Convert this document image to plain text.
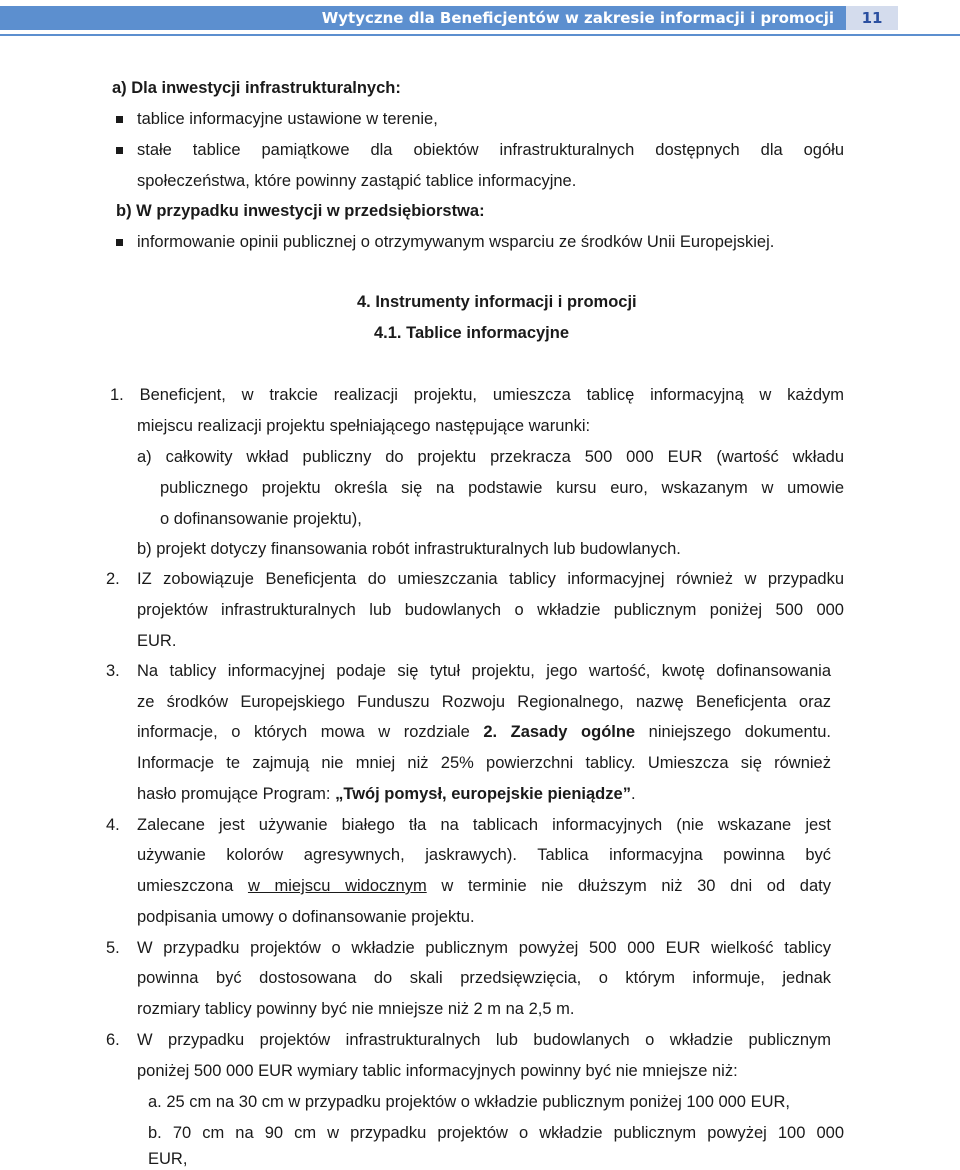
Wytyczne dla Beneficjentów w zakresie informacji i promocji	11
a) Dla inwestycji infrastrukturalnych:
tablice informacyjne ustawione w terenie,
stałe tablice pamiątkowe dla obiektów infrastrukturalnych dostępnych dla ogółu
społeczeństwa, które powinny zastąpić tablice informacyjne.
b) W przypadku inwestycji w przedsiębiorstwa:
informowanie opinii publicznej o otrzymywanym wsparciu ze środków Unii Europejskiej.
4. Instrumenty informacji i promocji
4.1. Tablice informacyjne
1. Beneficjent, w trakcie realizacji projektu, umieszcza tablicę informacyjną w każdym
miejscu realizacji projektu spełniającego następujące warunki:
a) całkowity wkład publiczny do projektu przekracza 500 000 EUR (wartość wkładu
publicznego projektu określa się na podstawie kursu euro, wskazanym w umowie
o dofinansowanie projektu),
b) projekt dotyczy finansowania robót infrastrukturalnych lub budowlanych.
2. IZ zobowiązuje Beneficjenta do umieszczania tablicy informacyjnej również w przypadku
projektów infrastrukturalnych lub budowlanych o wkładzie publicznym poniżej 500 000
EUR.
3. Na tablicy informacyjnej podaje się tytuł projektu, jego wartość, kwotę dofinansowania
ze środków Europejskiego Funduszu Rozwoju Regionalnego, nazwę Beneficjenta oraz
informacje, o których mowa w rozdziale 2. Zasady ogólne niniejszego dokumentu.
Informacje te zajmują nie mniej niż 25% powierzchni tablicy. Umieszcza się również
hasło promujące Program: „Twój pomysł, europejskie pieniądze”.
4. Zalecane jest używanie białego tła na tablicach informacyjnych (nie wskazane jest
używanie kolorów agresywnych, jaskrawych). Tablica informacyjna powinna być
umieszczona w miejscu widocznym w terminie nie dłuższym niż 30 dni od daty
podpisania umowy o dofinansowanie projektu.
5. W przypadku projektów o wkładzie publicznym powyżej 500 000 EUR wielkość tablicy
powinna być dostosowana do skali przedsięwzięcia, o którym informuje, jednak
rozmiary tablicy powinny być nie mniejsze niż 2 m na 2,5 m.
6. W przypadku projektów infrastrukturalnych lub budowlanych o wkładzie publicznym
poniżej 500 000 EUR wymiary tablic informacyjnych powinny być nie mniejsze niż:
a. 25 cm na 30 cm w przypadku projektów o wkładzie publicznym poniżej 100 000 EUR,
b. 70 cm na 90 cm w przypadku projektów o wkładzie publicznym powyżej 100 000
EUR,
